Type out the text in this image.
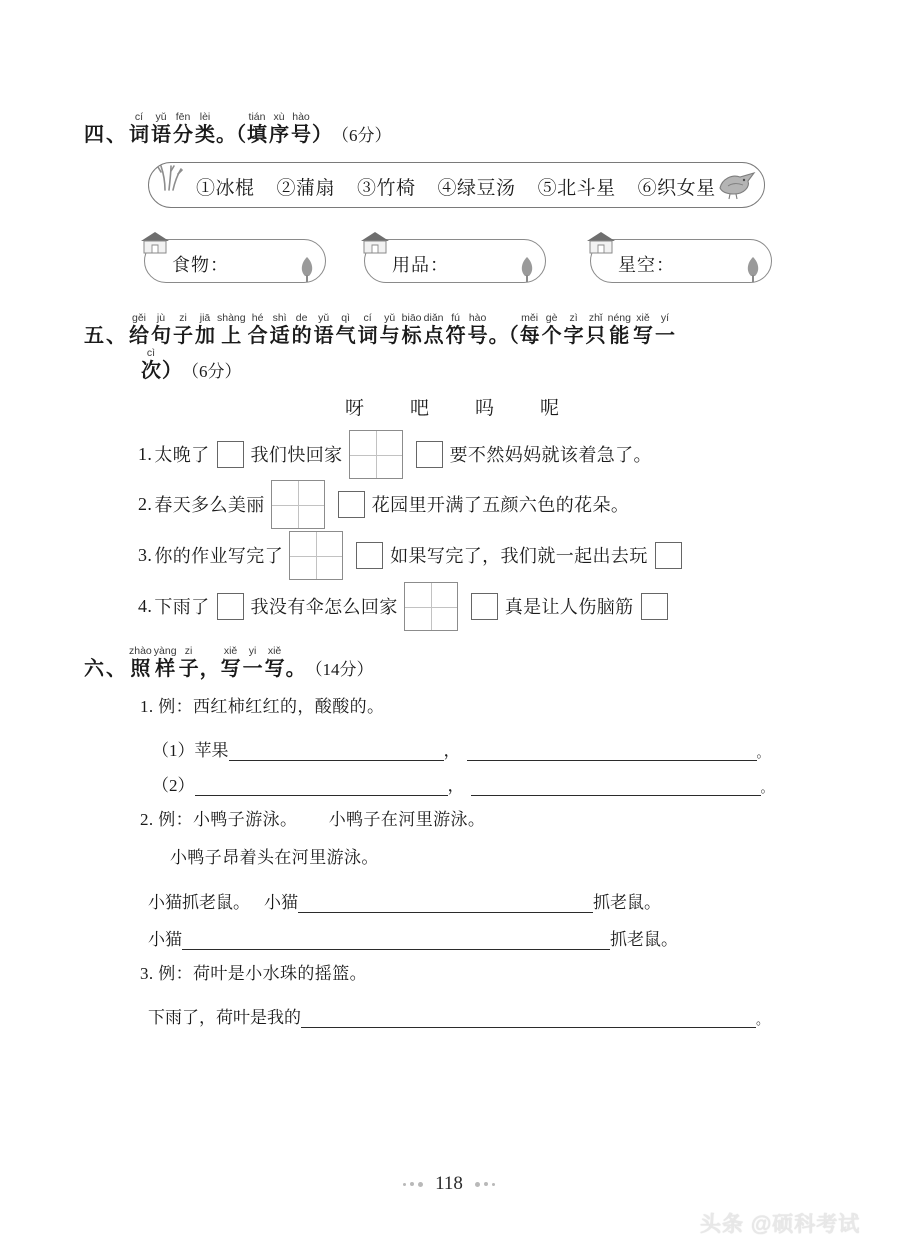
四、
cí
词
yǔ
语
fēn
分
lèi
类 。（
tián
填
xù
序
hào
号 ） （6分）
①冰棍 ②蒲扇 ③竹椅 ④绿豆汤 ⑤北斗星 ⑥织女星
食物：	用品：	星空：
五、
gěi
给
jù
句
zi
子
jiā
加
shàng
上
hé
合
shì
适
de
的
yǔ
语
qì
气
cí
词
yǔ
与
biāo
标
diǎn
点
fú
符
hào
号 。（
měi
每
gè
个
zì
字
zhǐ
只
néng
能
xiě
写
yí
一
cì
次 ） （6分）
呀 吧 吗 呢
1. 太晚了 我们快回家	要不然妈妈就该着急了。
2. 春天多么美丽	花园里开满了五颜六色的花朵。
3. 你的作业写完了	如果写完了，我们就一起出去玩
4. 下雨了 我没有伞怎么回家	真是让人伤脑筋
六、
zhào
照
yàng
样
zi
子 ，
xiě
写
yi
一
xiě
写 。 （14分）
1. 例：西红柿红红的，酸酸的。
（1）苹果	，	。
（2）	，	。
2. 例：小鸭子游泳。 小鸭子在河里游泳。
小鸭子昂着头在河里游泳。
小猫抓老鼠。 小猫	抓老鼠。
小猫	抓老鼠。
3. 例：荷叶是小水珠的摇篮。
下雨了，荷叶是我的	。
118
头条 @硕科考试
